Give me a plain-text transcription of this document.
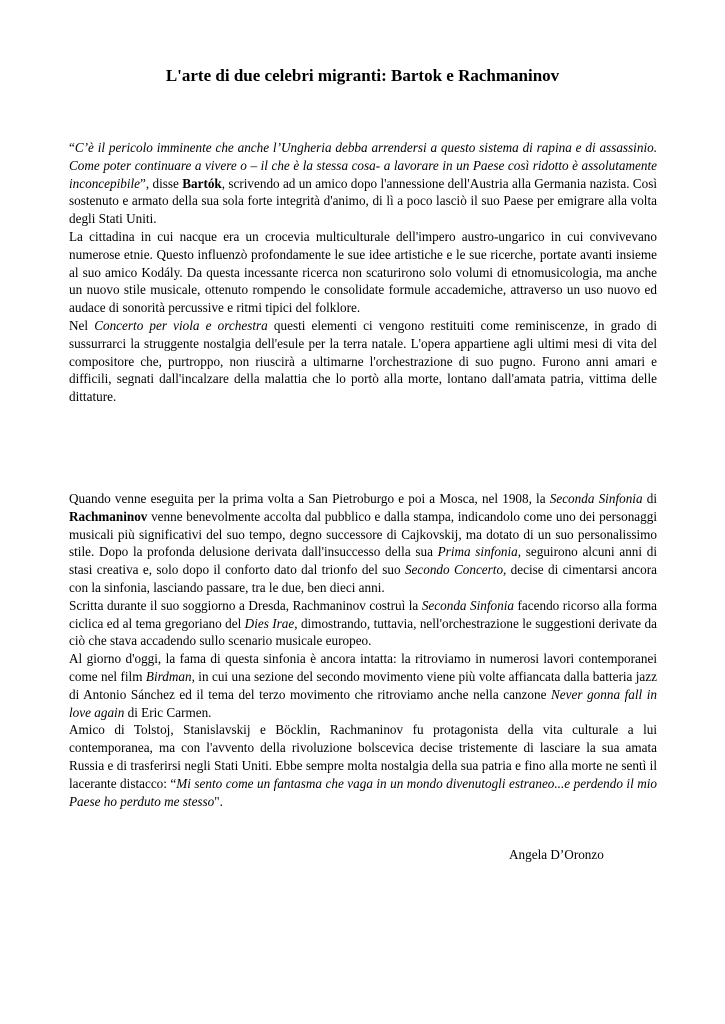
L'arte di due celebri migranti: Bartok e Rachmaninov

“C’è il pericolo imminente che anche l’Ungheria debba arrendersi a questo sistema di rapina e di assassinio. Come poter continuare a vivere o – il che è la stessa cosa- a lavorare in un Paese così ridotto è assolutamente inconcepibile”, disse Bartók, scrivendo ad un amico dopo l'annessione dell'Austria alla Germania nazista. Così sostenuto e armato della sua sola forte integrità d'animo, di lì a poco lasciò il suo Paese per emigrare alla volta degli Stati Uniti.

La cittadina in cui nacque era un crocevia multiculturale dell'impero austro-ungarico in cui convivevano numerose etnie. Questo influenzò profondamente le sue idee artistiche e le sue ricerche, portate avanti insieme al suo amico Kodály. Da questa incessante ricerca non scaturirono solo volumi di etnomusicologia, ma anche un nuovo stile musicale, ottenuto rompendo le consolidate formule accademiche, attraverso un uso nuovo ed audace di sonorità percussive e ritmi tipici del folklore.

Nel Concerto per viola e orchestra questi elementi ci vengono restituiti come reminiscenze, in grado di sussurrarci la struggente nostalgia dell'esule per la terra natale. L'opera appartiene agli ultimi mesi di vita del compositore che, purtroppo, non riuscirà a ultimarne l'orchestrazione di suo pugno. Furono anni amari e difficili, segnati dall'incalzare della malattia che lo portò alla morte, lontano dall'amata patria, vittima delle dittature.

Quando venne eseguita per la prima volta a San Pietroburgo e poi a Mosca, nel 1908, la Seconda Sinfonia di Rachmaninov venne benevolmente accolta dal pubblico e dalla stampa, indicandolo come uno dei personaggi musicali più significativi del suo tempo, degno successore di Cajkovskij, ma dotato di un suo personalissimo stile. Dopo la profonda delusione derivata dall'insuccesso della sua Prima sinfonia, seguirono alcuni anni di stasi creativa e, solo dopo il conforto dato dal trionfo del suo Secondo Concerto, decise di cimentarsi ancora con la sinfonia, lasciando passare, tra le due, ben dieci anni.

Scritta durante il suo soggiorno a Dresda, Rachmaninov costruì la Seconda Sinfonia facendo ricorso alla forma ciclica ed al tema gregoriano del Dies Irae, dimostrando, tuttavia, nell'orchestrazione le suggestioni derivate da ciò che stava accadendo sullo scenario musicale europeo.

Al giorno d'oggi, la fama di questa sinfonia è ancora intatta: la ritroviamo in numerosi lavori contemporanei come nel film Birdman, in cui una sezione del secondo movimento viene più volte affiancata dalla batteria jazz di Antonio Sánchez ed il tema del terzo movimento che ritroviamo anche nella canzone Never gonna fall in love again di Eric Carmen.

Amico di Tolstoj, Stanislavskij e Böcklin, Rachmaninov fu protagonista della vita culturale a lui contemporanea, ma con l'avvento della rivoluzione bolscevica decise tristemente di lasciare la sua amata Russia e di trasferirsi negli Stati Uniti. Ebbe sempre molta nostalgia della sua patria e fino alla morte ne sentì il lacerante distacco: “Mi sento come un fantasma che vaga in un mondo divenutogli estraneo...e perdendo il mio Paese ho perduto me stesso".

Angela D’Oronzo
